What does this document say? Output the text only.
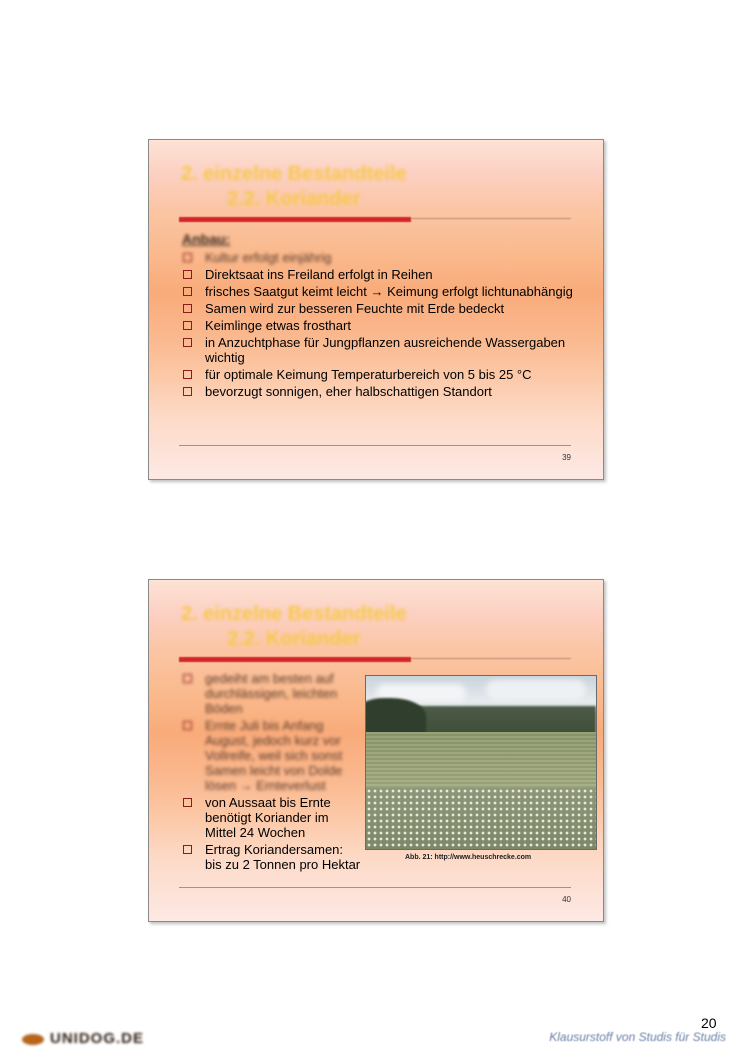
2. einzelne Bestandteile
2.2. Koriander
Anbau:
Kultur erfolgt einjährig
Direktsaat ins Freiland erfolgt in Reihen
frisches Saatgut keimt leicht → Keimung erfolgt lichtunabhängig
Samen wird zur besseren Feuchte mit Erde bedeckt
Keimlinge etwas frosthart
in Anzuchtphase für Jungpflanzen ausreichende Wassergaben wichtig
für optimale Keimung Temperaturbereich von 5 bis 25 °C
bevorzugt sonnigen, eher halbschattigen Standort
39
2. einzelne Bestandteile
2.2. Koriander
gedeiht am besten auf durchlässigen, leichten Böden
Ernte Juli bis Anfang August, jedoch kurz vor Vollreife, weil sich sonst Samen leicht von Dolde lösen → Ernteverlust
von Aussaat bis Ernte benötigt Koriander im Mittel 24 Wochen
Ertrag Koriandersamen: bis zu 2 Tonnen pro Hektar	Abb. 21: http://www.heuschrecke.com
40
20
UNIDOG.DE	Klausurstoff von Studis für Studis
